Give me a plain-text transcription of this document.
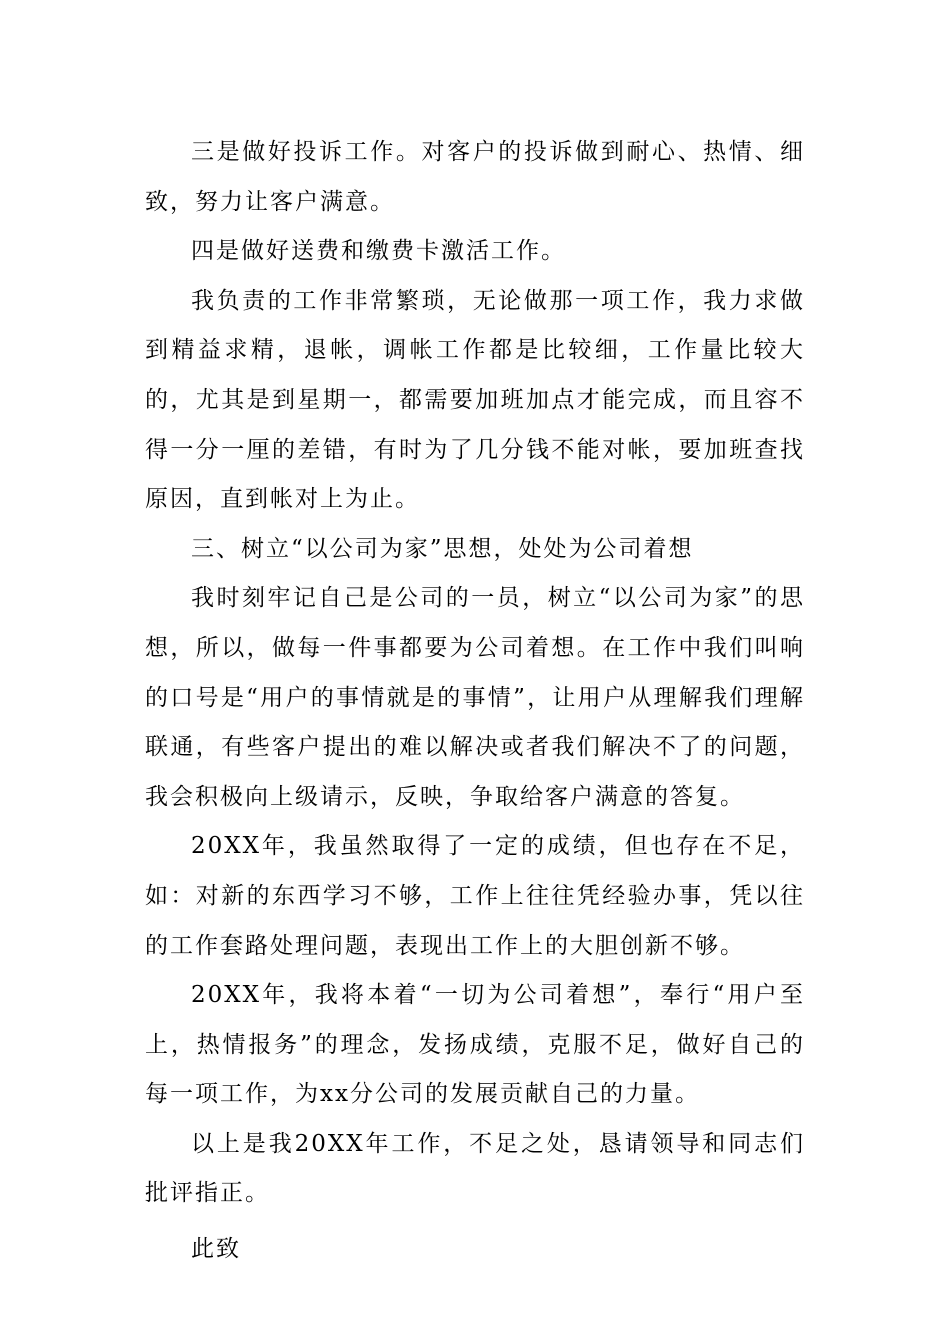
三是做好投诉工作。对客户的投诉做到耐心、热情、细致，努力让客户满意。

四是做好送费和缴费卡激活工作。

我负责的工作非常繁琐，无论做那一项工作，我力求做到精益求精，退帐，调帐工作都是比较细，工作量比较大的，尤其是到星期一，都需要加班加点才能完成，而且容不得一分一厘的差错，有时为了几分钱不能对帐，要加班查找原因，直到帐对上为止。

三、树立“以公司为家”思想，处处为公司着想

我时刻牢记自己是公司的一员，树立“以公司为家”的思想，所以，做每一件事都要为公司着想。在工作中我们叫响的口号是“用户的事情就是的事情”，让用户从理解我们理解联通，有些客户提出的难以解决或者我们解决不了的问题，我会积极向上级请示，反映，争取给客户满意的答复。

20XX年，我虽然取得了一定的成绩，但也存在不足，如：对新的东西学习不够，工作上往往凭经验办事，凭以往的工作套路处理问题，表现出工作上的大胆创新不够。

20XX年，我将本着“一切为公司着想”，奉行“用户至上，热情报务”的理念，发扬成绩，克服不足，做好自己的每一项工作，为xx分公司的发展贡献自己的力量。

以上是我20XX年工作，不足之处，恳请领导和同志们批评指正。

此致
